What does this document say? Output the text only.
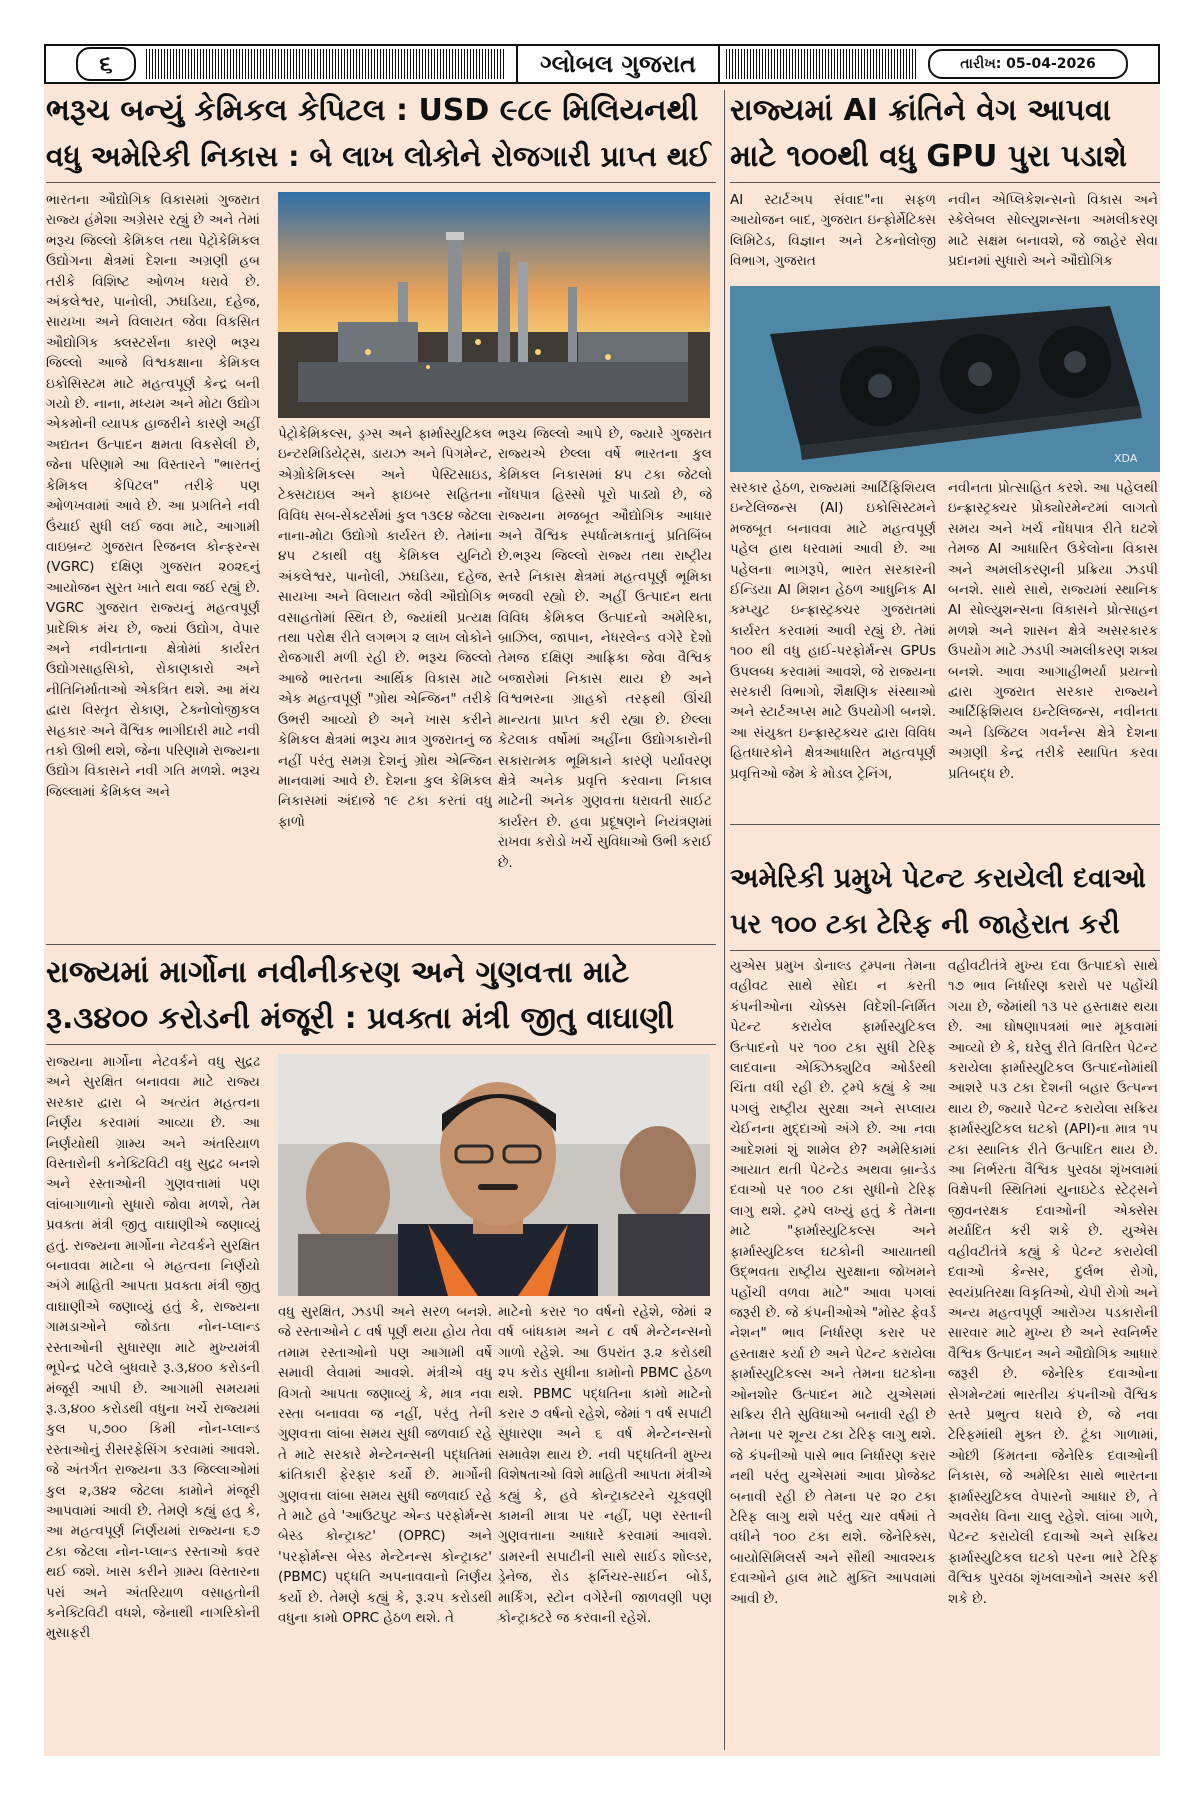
૬	ગ્લોબલ ગુજરાત	તારીખ: 05-04-2026
ભરૂચ બન્યું કેમિકલ કેપિટલ : USD ૯૮૯ મિલિયનથી
વધુ અમેરિકી નિકાસ : બે લાખ લોકોને રોજગારી પ્રાપ્ત થઈ

ભારતના ઔદ્યોગિક વિકાસમાં ગુજરાત રાજ્ય હંમેશા અગ્રેસર રહ્યું છે અને તેમાં ભરૂચ જિલ્લો કેમિકલ તથા પેટ્રોકેમિકલ ઉદ્યોગના ક્ષેત્રમાં દેશના અગ્રણી હબ તરીકે વિશિષ્ટ ઓળખ ધરાવે છે. અંકલેશ્વર, પાનોલી, ઝઘડિયા, દહેજ, સાયખા અને વિલાયત જેવા વિકસિત ઔદ્યોગિક ક્લસ્ટર્સના કારણે ભરૂચ જિલ્લો આજે વિશ્વકક્ષાના કેમિકલ ઇકોસિસ્ટમ માટે મહત્વપૂર્ણ કેન્દ્ર બની ગયો છે. નાના, મધ્યમ અને મોટા ઉદ્યોગ એકમોની વ્યાપક હાજરીને કારણે અહીં અદ્યતન ઉત્પાદન ક્ષમતા વિકસેલી છે, જેના પરિણામે આ વિસ્તારને "ભારતનું કેમિકલ કેપિટલ" તરીકે પણ ઓળખવામાં આવે છે. આ પ્રગતિને નવી ઉંચાઈ સુધી લઈ જવા માટે, આગામી વાઇબ્રન્ટ ગુજરાત રિજનલ કોન્ફરન્સ (VGRC) દક્ષિણ ગુજરાત ૨૦૨૬નું આયોજન સુરત ખાતે થવા જઈ રહ્યું છે. VGRC ગુજરાત રાજ્યનું મહત્વપૂર્ણ પ્રાદેશિક મંચ છે, જ્યાં ઉદ્યોગ, વેપાર અને નવીનતાના ક્ષેત્રોમાં કાર્યરત ઉદ્યોગસાહસિકો, રોકાણકારો અને નીતિનિર્માતાઓ એકત્રિત થશે. આ મંચ દ્વારા વિસ્તૃત રોકાણ, ટેક્નોલોજીકલ સહકાર અને વૈશ્વિક ભાગીદારી માટે નવી તકો ઊભી થશે, જેના પરિણામે રાજ્યના ઉદ્યોગ વિકાસને નવી ગતિ મળશે. ભરૂચ જિલ્લામાં કેમિકલ અને

પેટ્રોકેમિકલ્સ, ડ્રગ્સ અને ફાર્માસ્યુટિકલ ઇન્ટરમિડિયેટ્સ, ડાયઝ અને પિગમેન્ટ, એગ્રોકેમિકલ્સ અને પેસ્ટિસાઇડ, ટેક્સટાઇલ અને ફાઇબર સહિતના વિવિધ સબ-સેક્ટર્સમાં કુલ ૧૩૯૪ જેટલા નાના-મોટા ઉદ્યોગો કાર્યરત છે. તેમાંના ૪૫ ટકાથી વધુ કેમિકલ યુનિટો અંકલેશ્વર, પાનોલી, ઝઘડિયા, દહેજ, સાયખા અને વિલાયત જેવી ઔદ્યોગિક વસાહતોમાં સ્થિત છે, જ્યાંથી પ્રત્યક્ષ તથા પરોક્ષ રીતે લગભગ ૨ લાખ લોકોને રોજગારી મળી રહી છે. ભરૂચ જિલ્લો આજે ભારતના આર્થિક વિકાસ માટે એક મહત્વપૂર્ણ "ગ્રોથ એન્જિન" તરીકે ઉભરી આવ્યો છે અને ખાસ કરીને કેમિકલ ક્ષેત્રમાં ભરૂચ માત્ર ગુજરાતનું જ નહીં પરંતુ સમગ્ર દેશનું ગ્રોથ એન્જિન માનવામાં આવે છે. દેશના કુલ કેમિકલ નિકાસમાં અંદાજે ૧૯ ટકા કરતાં વધુ ફાળો

ભરૂચ જિલ્લો આપે છે, જ્યારે ગુજરાત રાજ્યએ છેલ્લા વર્ષે ભારતના કુલ કેમિકલ નિકાસમાં ૪૫ ટકા જેટલો નોંધપાત્ર હિસ્સો પૂરો પાડ્યો છે, જે રાજ્યના મજબૂત ઔદ્યોગિક આધાર અને વૈશ્વિક સ્પર્ધાત્મકતાનું પ્રતિબિંબ છે.ભરૂચ જિલ્લો રાજ્ય તથા રાષ્ટ્રીય સ્તરે નિકાસ ક્ષેત્રમાં મહત્વપૂર્ણ ભૂમિકા ભજવી રહ્યો છે. અહીં ઉત્પાદન થતા વિવિધ કેમિકલ ઉત્પાદનો અમેરિકા, બ્રાઝિલ, જાપાન, નેધરલેન્ડ વગેરે દેશો તેમજ દક્ષિણ આફ્રિકા જેવા વૈશ્વિક બજારોમાં નિકાસ થાય છે અને વિશ્વભરના ગ્રાહકો તરફથી ઊંચી માન્યતા પ્રાપ્ત કરી રહ્યા છે. છેલ્લા કેટલાક વર્ષોમાં અહીંના ઉદ્યોગકારોની સકારાત્મક ભૂમિકાને કારણે પર્યાવરણ ક્ષેત્રે અનેક પ્રવૃત્તિ કરવાના નિકાલ માટેની અનેક ગુણવત્તા ધરાવતી સાઈટ કાર્યરત છે. હવા પ્રદૂષણને નિયંત્રણમાં રાખવા કરોડો ખર્ચે સુવિધાઓ ઉભી કરાઈ છે.

રાજ્યમાં AI ક્રાંતિને વેગ આપવા
માટે ૧૦૦થી વધુ GPU પુરા પડાશે

AI સ્ટાર્ટઅપ સંવાદ"ના સફળ આયોજન બાદ, ગુજરાત ઇન્ફોર્મેટિક્સ લિમિટેડ, વિજ્ઞાન અને ટેકનોલોજી વિભાગ, ગુજરાત

નવીન એપ્લિકેશન્સનો વિકાસ અને સ્કેલેબલ સોલ્યુશન્સના અમલીકરણ માટે સક્ષમ બનાવશે, જે જાહેર સેવા પ્રદાનમાં સુધારો અને ઔદ્યોગિક

XDA

સરકાર હેઠળ, રાજ્યમાં આર્ટિફિશિયલ ઇન્ટેલિજન્સ (AI) ઇકોસિસ્ટમને મજબૂત બનાવવા માટે મહત્વપૂર્ણ પહેલ હાથ ધરવામાં આવી છે. આ પહેલના ભાગરૂપે, ભારત સરકારની ઈન્ડિયા AI મિશન હેઠળ આધુનિક AI કમ્પ્યુટ ઇન્ફ્રાસ્ટ્રક્ચર ગુજરાતમાં કાર્યરત કરવામાં આવી રહ્યું છે. તેમાં ૧૦૦ થી વધુ હાઈ-પરફોર્મન્સ GPUs ઉપલબ્ધ કરવામાં આવશે, જે રાજ્યના સરકારી વિભાગો, શૈક્ષણિક સંસ્થાઓ અને સ્ટાર્ટઅપ્સ માટે ઉપયોગી બનશે. આ સંયુક્ત ઇન્ફ્રાસ્ટ્રક્ચર દ્વારા વિવિધ હિતધારકોને ક્ષેત્રઆધારિત મહત્વપૂર્ણ પ્રવૃત્તિઓ જેમ કે મોડલ ટ્રેનિંગ,

નવીનતા પ્રોત્સાહિત કરશે. આ પહેલથી ઇન્ફ્રાસ્ટ્રક્ચર પ્રોક્યોરમેન્ટમાં લાગતો સમય અને ખર્ચ નોંધપાત્ર રીતે ઘટશે તેમજ AI આધારિત ઉકેલોના વિકાસ અને અમલીકરણની પ્રક્રિયા ઝડપી બનશે. સાથે સાથે, રાજ્યમાં સ્થાનિક AI સોલ્યુશન્સના વિકાસને પ્રોત્સાહન મળશે અને શાસન ક્ષેત્રે અસરકારક ઉપયોગ માટે ઝડપી અમલીકરણ શક્ય બનશે. આવા આગાહીભર્યા પ્રયત્નો દ્વારા ગુજરાત સરકાર રાજ્યને આર્ટિફિશિયલ ઇન્ટેલિજન્સ, નવીનતા અને ડિજિટલ ગવર્નન્સ ક્ષેત્રે દેશના અગ્રણી કેન્દ્ર તરીકે સ્થાપિત કરવા પ્રતિબદ્ધ છે.

રાજ્યમાં માર્ગોના નવીનીકરણ અને ગુણવત્તા માટે
રૂ.૩૪૦૦ કરોડની મંજૂરી : પ્રવક્તા મંત્રી જીતુ વાઘાણી

રાજ્યના માર્ગોના નેટવર્કને વધુ સુદ્રઢ અને સુરક્ષિત બનાવવા માટે રાજ્ય સરકાર દ્વારા બે અત્યંત મહત્વના નિર્ણય કરવામાં આવ્યા છે. આ નિર્ણયોથી ગ્રામ્ય અને અંતરિયાળ વિસ્તારોની કનેક્ટિવિટી વધુ સુદ્રઢ બનશે અને રસ્તાઓની ગુણવત્તામાં પણ લાંબાગાળાનો સુધારો જોવા મળશે, તેમ પ્રવક્તા મંત્રી જીતુ વાઘાણીએ જણાવ્યું હતું. રાજ્યના માર્ગોના નેટવર્કને સુરક્ષિત બનાવવા માટેના બે મહત્વના નિર્ણયો અંગે માહિતી આપતા પ્રવક્તા મંત્રી જીતુ વાઘાણીએ જણાવ્યું હતું કે, રાજ્યના ગામડાઓને જોડતા નોન-પ્લાન્ડ રસ્તાઓની સુધારણા માટે મુખ્યમંત્રી ભૂપેન્દ્ર પટેલે બુધવારે રૂ.૩,૪૦૦ કરોડની મંજૂરી આપી છે. આગામી સમયમાં રૂ.૩,૪૦૦ કરોડથી વધુના ખર્ચે રાજ્યમાં કુલ ૫,૭૦૦ કિમી નોન-પ્લાન્ડ રસ્તાઓનું રીસરફેસિંગ કરવામાં આવશે. જે અંતર્ગત રાજ્યના ૩૩ જિલ્લાઓમાં કુલ ૨,૩૪૨ જેટલા કામોને મંજૂરી આપવામાં આવી છે. તેમણે કહ્યું હતુ કે, આ મહત્વપૂર્ણ નિર્ણયમાં રાજ્યના ૬૭ ટકા જેટલા નોન-પ્લાન્ડ રસ્તાઓ કવર થઈ જશે. ખાસ કરીને ગ્રામ્ય વિસ્તારના પરાં અને અંતરિયાળ વસાહતોની કનેક્ટિવિટી વધશે, જેનાથી નાગરિકોની મુસાફરી

વધુ સુરક્ષિત, ઝડપી અને સરળ બનશે. જે રસ્તાઓને ૮ વર્ષ પૂર્ણ થયા હોય તેવા તમામ રસ્તાઓનો પણ આગામી વર્ષે સમાવી લેવામાં આવશે. મંત્રીએ વધુ વિગતો આપતા જણાવ્યું કે, માત્ર નવા રસ્તા બનાવવા જ નહીં, પરંતુ તેની ગુણવત્તા લાંબા સમય સુધી જળવાઈ રહે તે માટે સરકારે મેન્ટેનન્સની પદ્ધતિમાં ક્રાંતિકારી ફેરફાર કર્યો છે. માર્ગોની ગુણવત્તા લાંબા સમય સુધી જળવાઈ રહે તે માટે હવે 'આઉટપુટ એન્ડ પરફોર્મન્સ બેસ્ડ કોન્ટ્રાક્ટ' (OPRC) અને 'પરફોર્મન્સ બેસ્ડ મેન્ટેનન્સ કોન્ટ્રાક્ટ' (PBMC) પદ્ધતિ અપનાવવાનો નિર્ણય કર્યો છે. તેમણે કહ્યું કે, રૂ.૨૫ કરોડથી વધુના કામો OPRC હેઠળ થશે. તે

માટેનો કરાર ૧૦ વર્ષનો રહેશે, જેમાં ૨ વર્ષ બાંધકામ અને ૮ વર્ષ મેન્ટેનન્સનો ગાળો રહેશે. આ ઉપરાંત રૂ.૨ કરોડથી ૨૫ કરોડ સુધીના કામોનો PBMC હેઠળ થશે. PBMC પદ્ધતિના કામો માટેનો કરાર ૭ વર્ષનો રહેશે, જેમાં ૧ વર્ષ સપાટી સુધારણા અને ૬ વર્ષ મેન્ટેનન્સનો સમાવેશ થાય છે. નવી પદ્ધતિની મુખ્ય વિશેષતાઓ વિશે માહિતી આપતા મંત્રીએ કહ્યું કે, હવે કોન્ટ્રાક્ટરને ચૂકવણી કામની માત્રા પર નહીં, પણ રસ્તાની ગુણવત્તાના આધારે કરવામાં આવશે. ડામરની સપાટીની સાથે સાઈડ શોલ્ડર, ડ્રેનેજ, રોડ ફર્નિચર-સાઈન બોર્ડ, માર્કિંગ, સ્ટોન વગેરેની જાળવણી પણ કોન્ટ્રાક્ટરે જ કરવાની રહેશે.

પર ૧૦૦ ટકા ટેરિફ ની જાહેરાત કરી
અમેરિકી પ્રમુખે પેટન્ટ કરાયેલી દવાઓ

યુએસ પ્રમુખ ડોનાલ્ડ ટ્રમ્પના તેમના વહીવટ સાથે સોદા ન કરતી કંપનીઓના ચોક્કસ વિદેશી-નિર્મિત પેટન્ટ કરાયેલ ફાર્માસ્યુટિકલ ઉત્પાદનો પર ૧૦૦ ટકા સુધી ટેરિફ લાદવાના એક્ઝિક્યુટિવ ઓર્ડરથી ચિંતા વધી રહી છે. ટ્રમ્પે કહ્યું કે આ પગલું રાષ્ટ્રીય સુરક્ષા અને સપ્લાય ચેઈનના મુદ્દાઓ અંગે છે. આ નવા આદેશમાં શું શામેલ છે? અમેરિકામાં આયાત થતી પેટન્ટેડ અથવા બ્રાન્ડેડ દવાઓ પર ૧૦૦ ટકા સુધીનો ટેરિફ લાગુ થશે. ટ્રમ્પે લખ્યું હતું કે તેમના માટે "ફાર્માસ્યુટિકલ્સ અને ફાર્માસ્યુટિકલ ઘટકોની આયાતથી ઉદ્ભવતા રાષ્ટ્રીય સુરક્ષાના જોખમને પહોંચી વળવા માટે" આવા પગલાં જરૂરી છે. જે કંપનીઓએ "મોસ્ટ ફેવર્ડ નેશન" ભાવ નિર્ધારણ કરાર પર હસ્તાક્ષર કર્યા છે અને પેટન્ટ કરાયેલા ફાર્માસ્યુટિકલ્સ અને તેમના ઘટકોના ઓનશોર ઉત્પાદન માટે યુએસમાં સક્રિય રીતે સુવિધાઓ બનાવી રહી છે તેમના પર શૂન્ય ટકા ટેરિફ લાગુ થશે. જે કંપનીઓ પાસે ભાવ નિર્ધારણ કરાર નથી પરંતુ યુએસમાં આવા પ્રોજેક્ટ બનાવી રહી છે તેમના પર ૨૦ ટકા ટેરિફ લાગુ થશે પરંતુ ચાર વર્ષમાં તે વધીને ૧૦૦ ટકા થશે. જેનેરિક્સ, બાયોસિમિલર્સ અને સૌથી આવશ્યક દવાઓને હાલ માટે મુક્તિ આપવામાં આવી છે.

વહીવટીતંત્રે મુખ્ય દવા ઉત્પાદકો સાથે ૧૭ ભાવ નિર્ધારણ કરારો પર પહોંચી ગયા છે, જેમાંથી ૧૩ પર હસ્તાક્ષર થયા છે. આ ઘોષણાપત્રમાં ભાર મૂકવામાં આવ્યો છે કે, ઘરેલુ રીતે વિતરિત પેટન્ટ કરાયેલા ફાર્માસ્યુટિકલ ઉત્પાદનોમાંથી આશરે ૫૩ ટકા દેશની બહાર ઉત્પન્ન થાય છે, જ્યારે પેટન્ટ કરાયેલા સક્રિય ફાર્માસ્યુટિકલ ઘટકો (API)ના માત્ર ૧૫ ટકા સ્થાનિક રીતે ઉત્પાદિત થાય છે. આ નિર્ભરતા વૈશ્વિક પુરવઠા શૃંખલામાં વિક્ષેપની સ્થિતિમાં યુનાઇટેડ સ્ટેટ્સને જીવનરક્ષક દવાઓની એક્સેસ મર્યાદિત કરી શકે છે. યુએસ વહીવટીતંત્રે કહ્યું કે પેટન્ટ કરાયેલી દવાઓ કેન્સર, દુર્લભ રોગો, સ્વયંપ્રતિરક્ષા વિકૃતિઓ, ચેપી રોગો અને અન્ય મહત્વપૂર્ણ આરોગ્ય પડકારોની સારવાર માટે મુખ્ય છે અને સ્વનિર્ભર વૈશ્વિક ઉત્પાદન અને ઔદ્યોગિક આધાર જરૂરી છે. જેનેરિક દવાઓના સેગમેન્ટમાં ભારતીય કંપનીઓ વૈશ્વિક સ્તરે પ્રભુત્વ ધરાવે છે, જે નવા ટેરિફમાંથી મુક્ત છે. ટૂંકા ગાળામાં, ઓછી કિંમતના જેનેરિક દવાઓની નિકાસ, જે અમેરિકા સાથે ભારતના ફાર્માસ્યુટિકલ વેપારનો આધાર છે, તે અવરોધ વિના ચાલુ રહેશે. લાંબા ગાળે, પેટન્ટ કરાયેલી દવાઓ અને સક્રિય ફાર્માસ્યુટિકલ ઘટકો પરના ભારે ટેરિફ વૈશ્વિક પુરવઠા શૃંખલાઓને અસર કરી શકે છે.
